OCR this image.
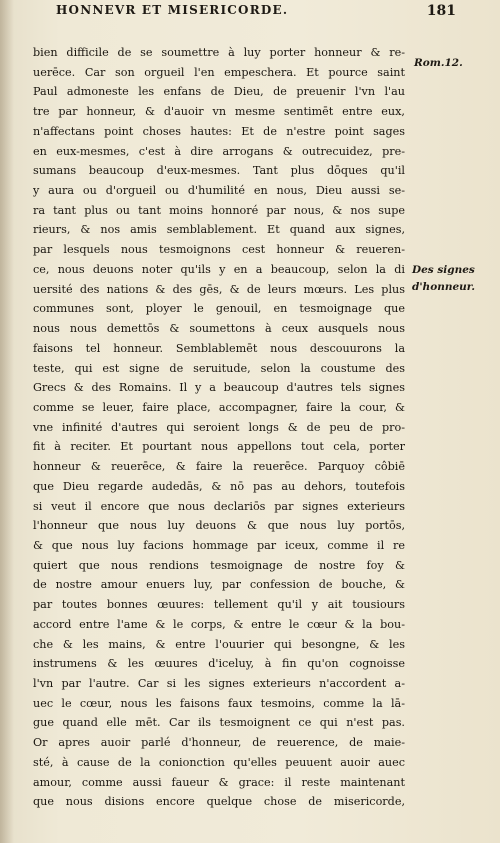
HONNEVR ET MISERICORDE.	181
Rom.12.
Des signes
d'honneur.
bien difficile de se soumettre à luy porter honneur & re-
uerēce. Car son orgueil l'en empeschera. Et pource saint
Paul admoneste les enfans de Dieu, de preuenir l'vn l'au
tre par honneur, & d'auoir vn mesme sentimēt entre eux,
n'affectans point choses hautes: Et de n'estre point sages
en eux-mesmes, c'est à dire arrogans & outrecuidez, pre-
sumans beaucoup d'eux-mesmes. Tant plus dōques qu'il
y aura ou d'orgueil ou d'humilité en nous, Dieu aussi se-
ra tant plus ou tant moins honnoré par nous, & nos supe
rieurs, & nos amis semblablement. Et quand aux signes,
par lesquels nous tesmoignons cest honneur & reueren-
ce, nous deuons noter qu'ils y en a beaucoup, selon la di
uersité des nations & des gēs, & de leurs mœurs. Les plus
communes sont, ployer le genouil, en tesmoignage que
nous nous demettōs & soumettons à ceux ausquels nous
faisons tel honneur. Semblablemēt nous descouurons la
teste, qui est signe de seruitude, selon la coustume des
Grecs & des Romains. Il y a beaucoup d'autres tels signes
comme se leuer, faire place, accompagner, faire la cour, &
vne infinité d'autres qui seroient longs & de peu de pro-
fit à reciter. Et pourtant nous appellons tout cela, porter
honneur & reuerēce, & faire la reuerēce. Parquoy côbiē
que Dieu regarde audedās, & nō pas au dehors, toutefois
si veut il encore que nous declariōs par signes exterieurs
l'honneur que nous luy deuons & que nous luy portōs,
& que nous luy facions hommage par iceux, comme il re
quiert que nous rendions tesmoignage de nostre foy &
de nostre amour enuers luy, par confession de bouche, &
par toutes bonnes œuures: tellement qu'il y ait tousiours
accord entre l'ame & le corps, & entre le cœur & la bou-
che & les mains, & entre l'ouurier qui besongne, & les
instrumens & les œuures d'iceluy, à fin qu'on cognoisse
l'vn par l'autre. Car si les signes exterieurs n'accordent a-
uec le cœur, nous les faisons faux tesmoins, comme la lā-
gue quand elle mēt. Car ils tesmoignent ce qui n'est pas.
Or apres auoir parlé d'honneur, de reuerence, de maie-
sté, à cause de la conionction qu'elles peuuent auoir auec
amour, comme aussi faueur & grace: il reste maintenant
que nous disions encore quelque chose de misericorde,
